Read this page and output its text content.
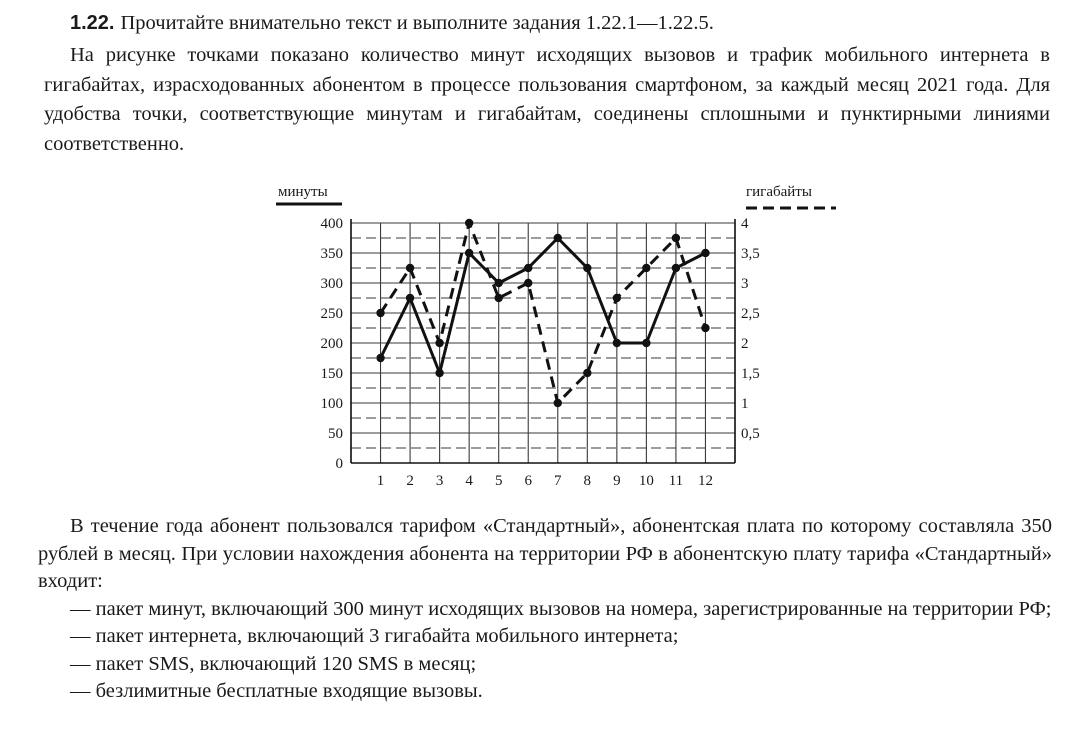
1.22. Прочитайте внимательно текст и выполните задания 1.22.1—1.22.5.
На рисунке точками показано количество минут исходящих вызовов и трафик мобильного интернета в гигабайтах, израсходованных абонентом в процессе пользования смартфоном, за каждый месяц 2021 года. Для удобства точки, соответствующие минутам и гигабайтам, соединены сплошными и пунктирными линиями соответственно.
минуты	гигабайты
0
50
100
150
200
250
300
350
400
0,5
1
1,5
2
2,5
3
3,5
4
1 2 3 4 5 6 7 8 9 10 11 12

В течение года абонент пользовался тарифом «Стандартный», абонентская плата по которому составляла 350 рублей в месяц. При условии нахождения абонента на территории РФ в абонентскую плату тарифа «Стандартный» входит:

— пакет минут, включающий 300 минут исходящих вызовов на номера, зарегистрированные на территории РФ;

— пакет интернета, включающий 3 гигабайта мобильного интернета;

— пакет SMS, включающий 120 SMS в месяц;

— безлимитные бесплатные входящие вызовы.
